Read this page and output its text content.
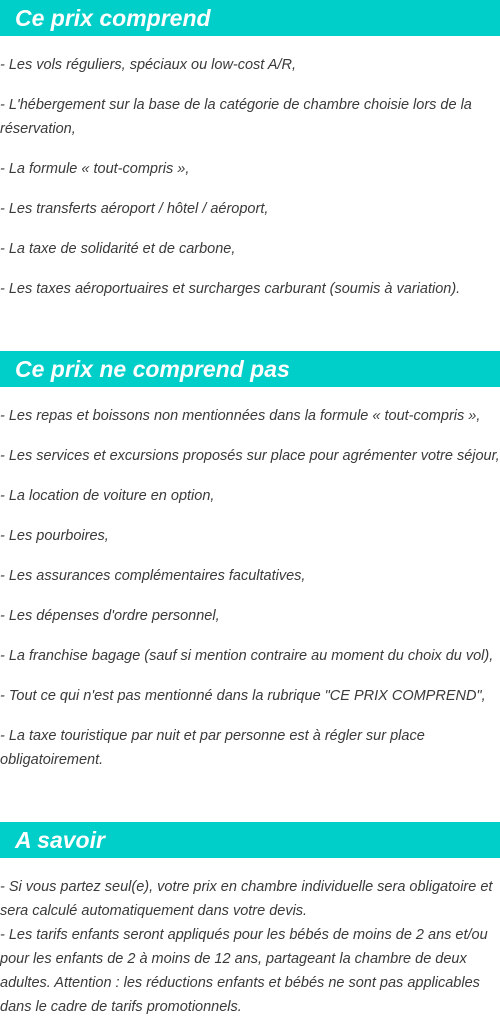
Ce prix comprend
- Les vols réguliers, spéciaux ou low-cost A/R,
- L'hébergement sur la base de la catégorie de chambre choisie lors de la réservation,
- La formule « tout-compris »,
- Les transferts aéroport / hôtel / aéroport,
- La taxe de solidarité et de carbone,
- Les taxes aéroportuaires et surcharges carburant (soumis à variation).
Ce prix ne comprend pas
- Les repas et boissons non mentionnées dans la formule « tout-compris »,
- Les services et excursions proposés sur place pour agrémenter votre séjour,
- La location de voiture en option,
- Les pourboires,
- Les assurances complémentaires facultatives,
- Les dépenses d'ordre personnel,
- La franchise bagage (sauf si mention contraire au moment du choix du vol),
- Tout ce qui n'est pas mentionné dans la rubrique "CE PRIX COMPREND",
- La taxe touristique par nuit et par personne est à régler sur place obligatoirement.
A savoir

- Si vous partez seul(e), votre prix en chambre individuelle sera obligatoire et sera calculé automatiquement dans votre devis.

- Les tarifs enfants seront appliqués pour les bébés de moins de 2 ans et/ou pour les enfants de 2 à moins de 12 ans, partageant la chambre de deux adultes. Attention : les réductions enfants et bébés ne sont pas applicables dans le cadre de tarifs promotionnels.
